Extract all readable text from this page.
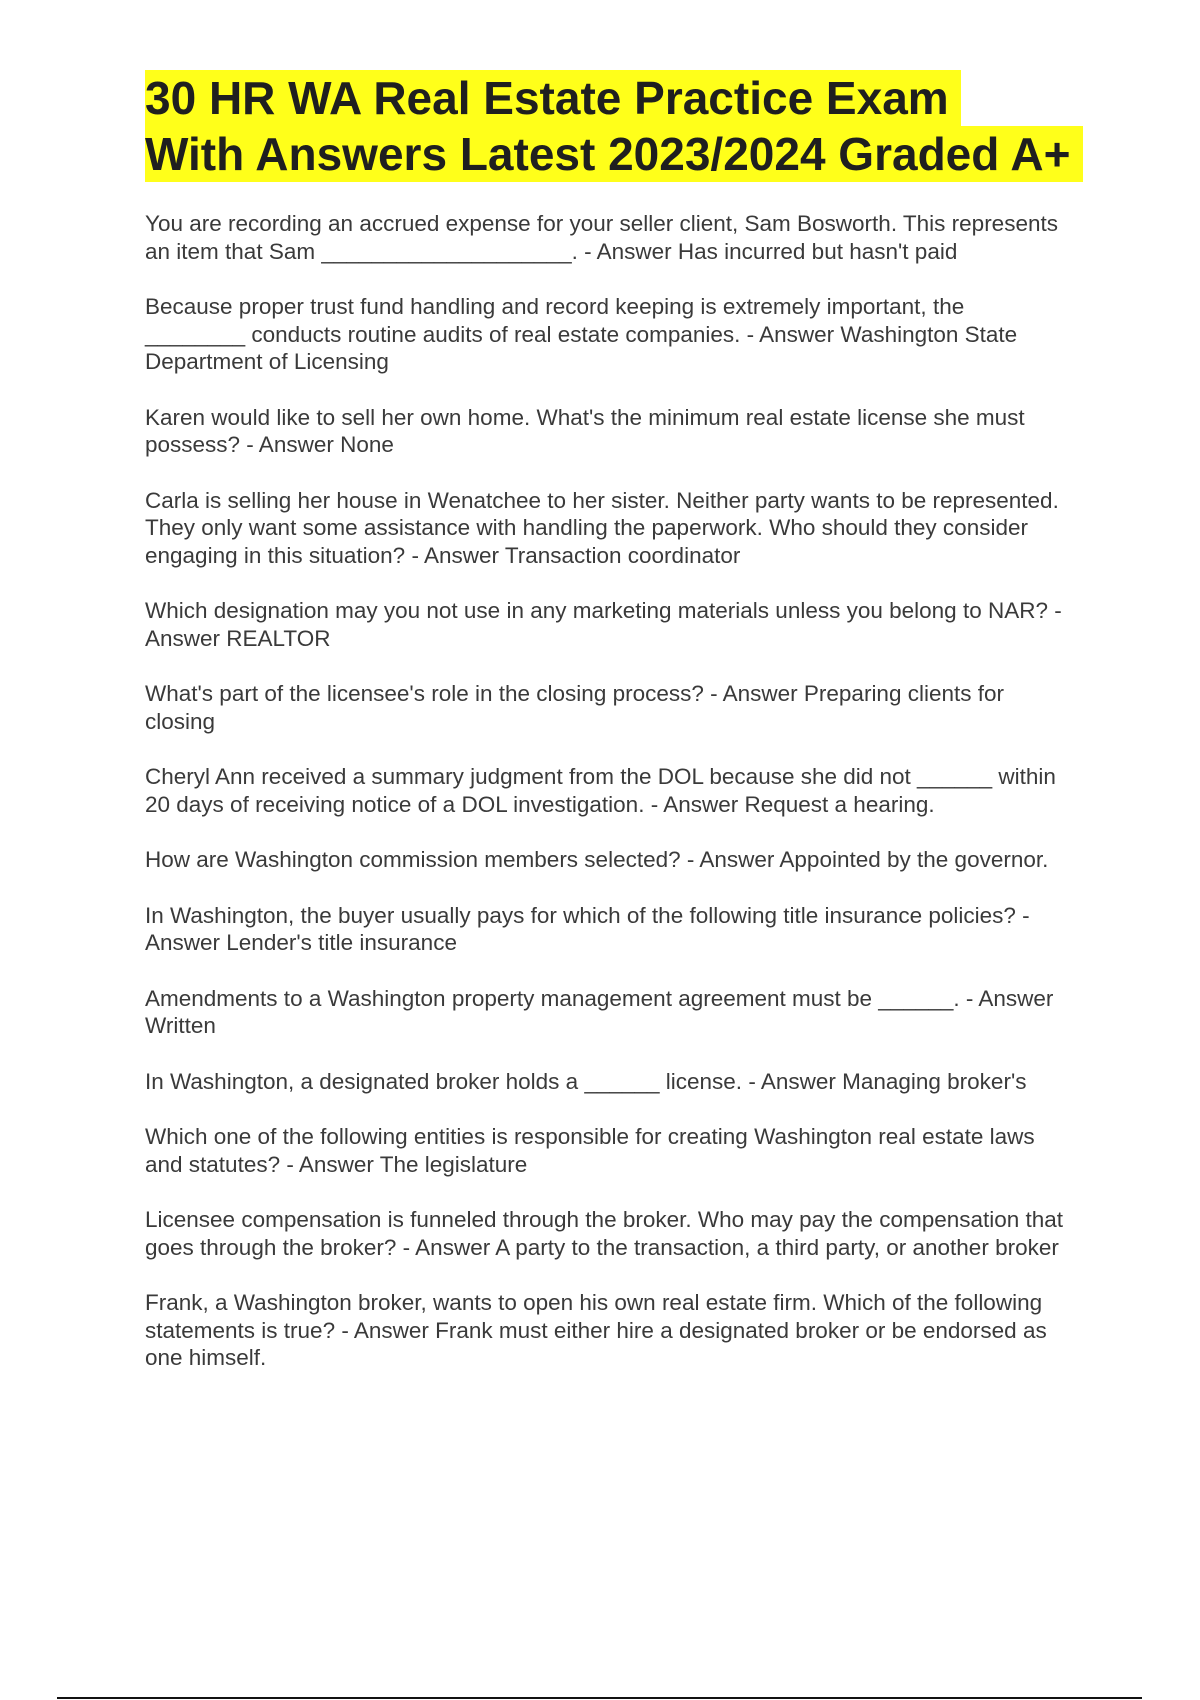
30 HR WA Real Estate Practice Exam
With Answers Latest 2023/2024 Graded A+
You are recording an accrued expense for your seller client, Sam Bosworth. This represents an item that Sam ____________________. - Answer Has incurred but hasn't paid
Because proper trust fund handling and record keeping is extremely important, the ________ conducts routine audits of real estate companies. - Answer Washington State Department of Licensing
Karen would like to sell her own home. What's the minimum real estate license she must possess? - Answer None
Carla is selling her house in Wenatchee to her sister. Neither party wants to be represented. They only want some assistance with handling the paperwork. Who should they consider engaging in this situation? - Answer Transaction coordinator
Which designation may you not use in any marketing materials unless you belong to NAR? - Answer REALTOR
What's part of the licensee's role in the closing process? - Answer Preparing clients for closing
Cheryl Ann received a summary judgment from the DOL because she did not ______ within 20 days of receiving notice of a DOL investigation. - Answer Request a hearing.
How are Washington commission members selected? - Answer Appointed by the governor.
In Washington, the buyer usually pays for which of the following title insurance policies? - Answer Lender's title insurance
Amendments to a Washington property management agreement must be ______. - Answer Written
In Washington, a designated broker holds a ______ license. - Answer Managing broker's
Which one of the following entities is responsible for creating Washington real estate laws and statutes? - Answer The legislature
Licensee compensation is funneled through the broker. Who may pay the compensation that goes through the broker? - Answer A party to the transaction, a third party, or another broker
Frank, a Washington broker, wants to open his own real estate firm. Which of the following statements is true? - Answer Frank must either hire a designated broker or be endorsed as one himself.
